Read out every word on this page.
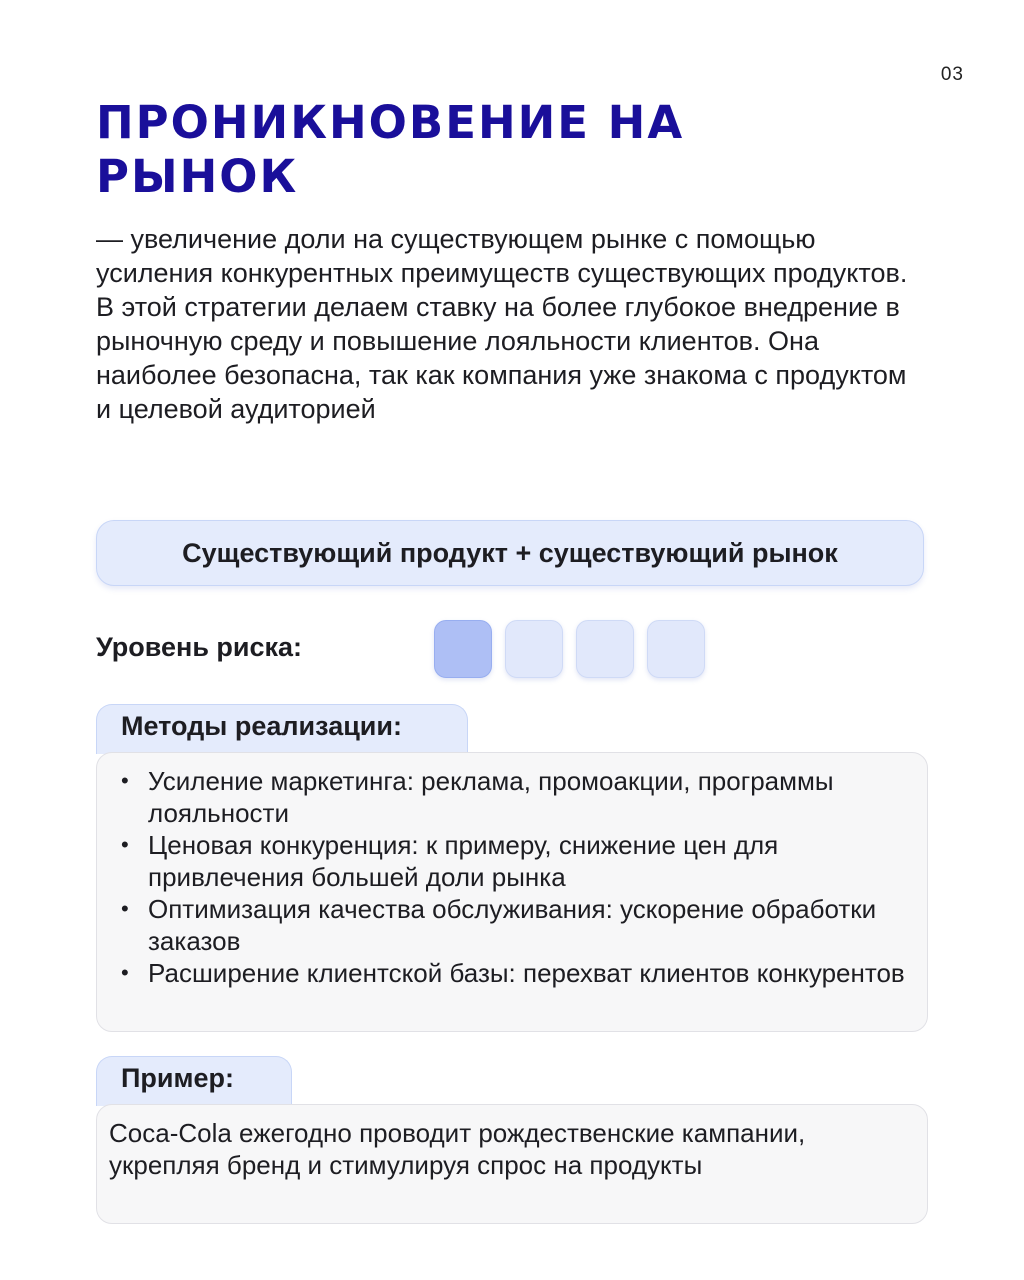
03
ПРОНИКНОВЕНИЕ НА РЫНОК

— увеличение доли на существующем рынке с помощью усиления конкурентных преимуществ существующих продуктов. В этой стратегии делаем ставку на более глубокое внедрение в рыночную среду и повышение лояльности клиентов. Она наиболее безопасна, так как компания уже знакома с продуктом и целевой аудиторией

Существующий продукт + существующий рынок
Уровень риска:
Методы реализации:
• Усиление маркетинга: реклама, промоакции, программы лояльности
• Ценовая конкуренция: к примеру, снижение цен для привлечения большей доли рынка
• Оптимизация качества обслуживания: ускорение обработки заказов
• Расширение клиентской базы: перехват клиентов конкурентов
Пример:

Coca-Cola ежегодно проводит рождественские кампании, укрепляя бренд и стимулируя спрос на продукты
